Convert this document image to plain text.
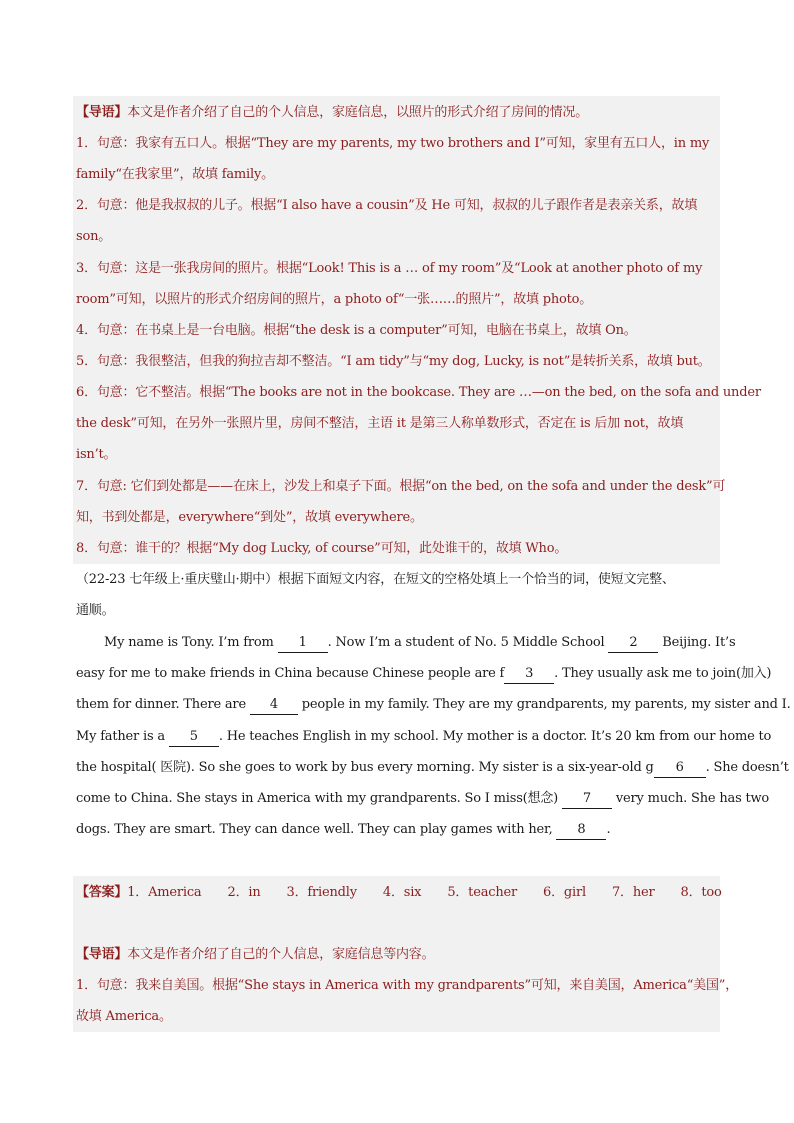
【导语】本文是作者介绍了自己的个人信息，家庭信息，以照片的形式介绍了房间的情况。
1．句意：我家有五口人。根据“They are my parents, my two brothers and I”可知，家里有五口人，in my
family“在我家里”，故填 family。
2．句意：他是我叔叔的儿子。根据“I also have a cousin”及 He 可知，叔叔的儿子跟作者是表亲关系，故填
son。
3．句意：这是一张我房间的照片。根据“Look! This is a … of my room”及“Look at another photo of my
room”可知，以照片的形式介绍房间的照片，a photo of“一张……的照片”，故填 photo。
4．句意：在书桌上是一台电脑。根据“the desk is a computer”可知，电脑在书桌上，故填 On。
5．句意：我很整洁，但我的狗拉吉却不整洁。“I am tidy”与“my dog, Lucky, is not”是转折关系，故填 but。
6．句意：它不整洁。根据“The books are not in the bookcase. They are …—on the bed, on the sofa and under
the desk”可知，在另外一张照片里，房间不整洁，主语 it 是第三人称单数形式，否定在 is 后加 not，故填
isn’t。
7．句意: 它们到处都是——在床上，沙发上和桌子下面。根据“on the bed, on the sofa and under the desk”可
知，书到处都是，everywhere“到处”，故填 everywhere。
8．句意：谁干的？根据“My dog Lucky, of course”可知，此处谁干的，故填 Who。
（22-23 七年级上·重庆璧山·期中）根据下面短文内容，在短文的空格处填上一个恰当的词，使短文完整、
通顺。
My name is Tony. I’m from 1 . Now I’m a student of No. 5 Middle School 2 Beijing. It’s
easy for me to make friends in China because Chinese people are f 3 . They usually ask me to join(加入)
them for dinner. There are 4 people in my family. They are my grandparents, my parents, my sister and I.
My father is a 5 . He teaches English in my school. My mother is a doctor. It’s 20 km from our home to
the hospital( 医院). So she goes to work by bus every morning. My sister is a six-year-old g 6 . She doesn’t
come to China. She stays in America with my grandparents. So I miss(想念) 7 very much. She has two
dogs. They are smart. They can dance well. They can play games with her, 8 .
【答案】1．America 2．in 3．friendly 4．six 5．teacher 6．girl 7．her 8．too
【导语】本文是作者介绍了自己的个人信息，家庭信息等内容。
1．句意：我来自美国。根据“She stays in America with my grandparents”可知，来自美国，America“美国”，
故填 America。
